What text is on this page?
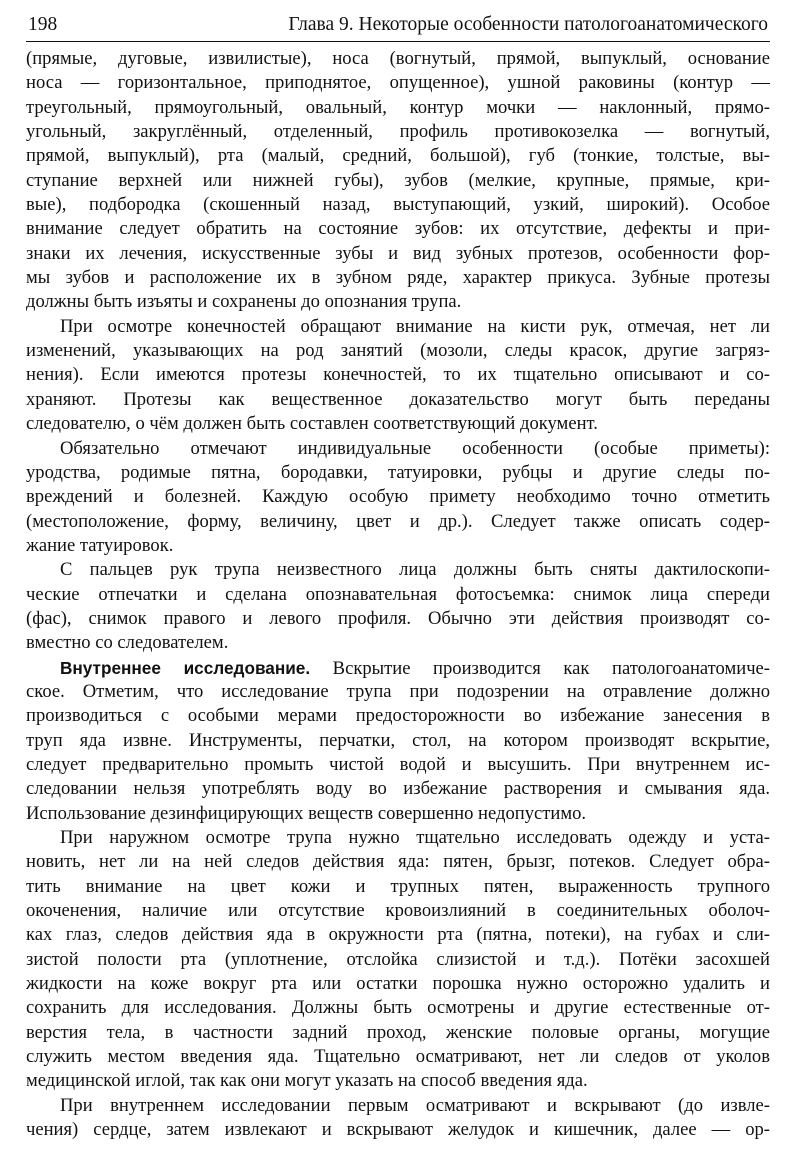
198	Глава 9. Некоторые особенности патологоанатомического
(прямые, дуговые, извилистые), носа (вогнутый, прямой, выпуклый, основание
носа — горизонтальное, приподнятое, опущенное), ушной раковины (контур —
треугольный, прямоугольный, овальный, контур мочки — наклонный, прямо-
угольный, закруглённый, отделенный, профиль противокозелка — вогнутый,
прямой, выпуклый), рта (малый, средний, большой), губ (тонкие, толстые, вы-
ступание верхней или нижней губы), зубов (мелкие, крупные, прямые, кри-
вые), подбородка (скошенный назад, выступающий, узкий, широкий). Особое
внимание следует обратить на состояние зубов: их отсутствие, дефекты и при-
знаки их лечения, искусственные зубы и вид зубных протезов, особенности фор-
мы зубов и расположение их в зубном ряде, характер прикуса. Зубные протезы
должны быть изъяты и сохранены до опознания трупа.
При осмотре конечностей обращают внимание на кисти рук, отмечая, нет ли
изменений, указывающих на род занятий (мозоли, следы красок, другие загряз-
нения). Если имеются протезы конечностей, то их тщательно описывают и со-
храняют. Протезы как вещественное доказательство могут быть переданы
следователю, о чём должен быть составлен соответствующий документ.
Обязательно отмечают индивидуальные особенности (особые приметы):
уродства, родимые пятна, бородавки, татуировки, рубцы и другие следы по-
вреждений и болезней. Каждую особую примету необходимо точно отметить
(местоположение, форму, величину, цвет и др.). Следует также описать содер-
жание татуировок.
С пальцев рук трупа неизвестного лица должны быть сняты дактилоскопи-
ческие отпечатки и сделана опознавательная фотосъемка: снимок лица спереди
(фас), снимок правого и левого профиля. Обычно эти действия производят со-
вместно со следователем.
Внутреннее исследование. Вскрытие производится как патологоанатомиче-
ское. Отметим, что исследование трупа при подозрении на отравление должно
производиться с особыми мерами предосторожности во избежание занесения в
труп яда извне. Инструменты, перчатки, стол, на котором производят вскрытие,
следует предварительно промыть чистой водой и высушить. При внутреннем ис-
следовании нельзя употреблять воду во избежание растворения и смывания яда.
Использование дезинфицирующих веществ совершенно недопустимо.
При наружном осмотре трупа нужно тщательно исследовать одежду и уста-
новить, нет ли на ней следов действия яда: пятен, брызг, потеков. Следует обра-
тить внимание на цвет кожи и трупных пятен, выраженность трупного
окоченения, наличие или отсутствие кровоизлияний в соединительных оболоч-
ках глаз, следов действия яда в окружности рта (пятна, потеки), на губах и сли-
зистой полости рта (уплотнение, отслойка слизистой и т.д.). Потёки засохшей
жидкости на коже вокруг рта или остатки порошка нужно осторожно удалить и
сохранить для исследования. Должны быть осмотрены и другие естественные от-
верстия тела, в частности задний проход, женские половые органы, могущие
служить местом введения яда. Тщательно осматривают, нет ли следов от уколов
медицинской иглой, так как они могут указать на способ введения яда.
При внутреннем исследовании первым осматривают и вскрывают (до извле-
чения) сердце, затем извлекают и вскрывают желудок и кишечник, далее — ор-
